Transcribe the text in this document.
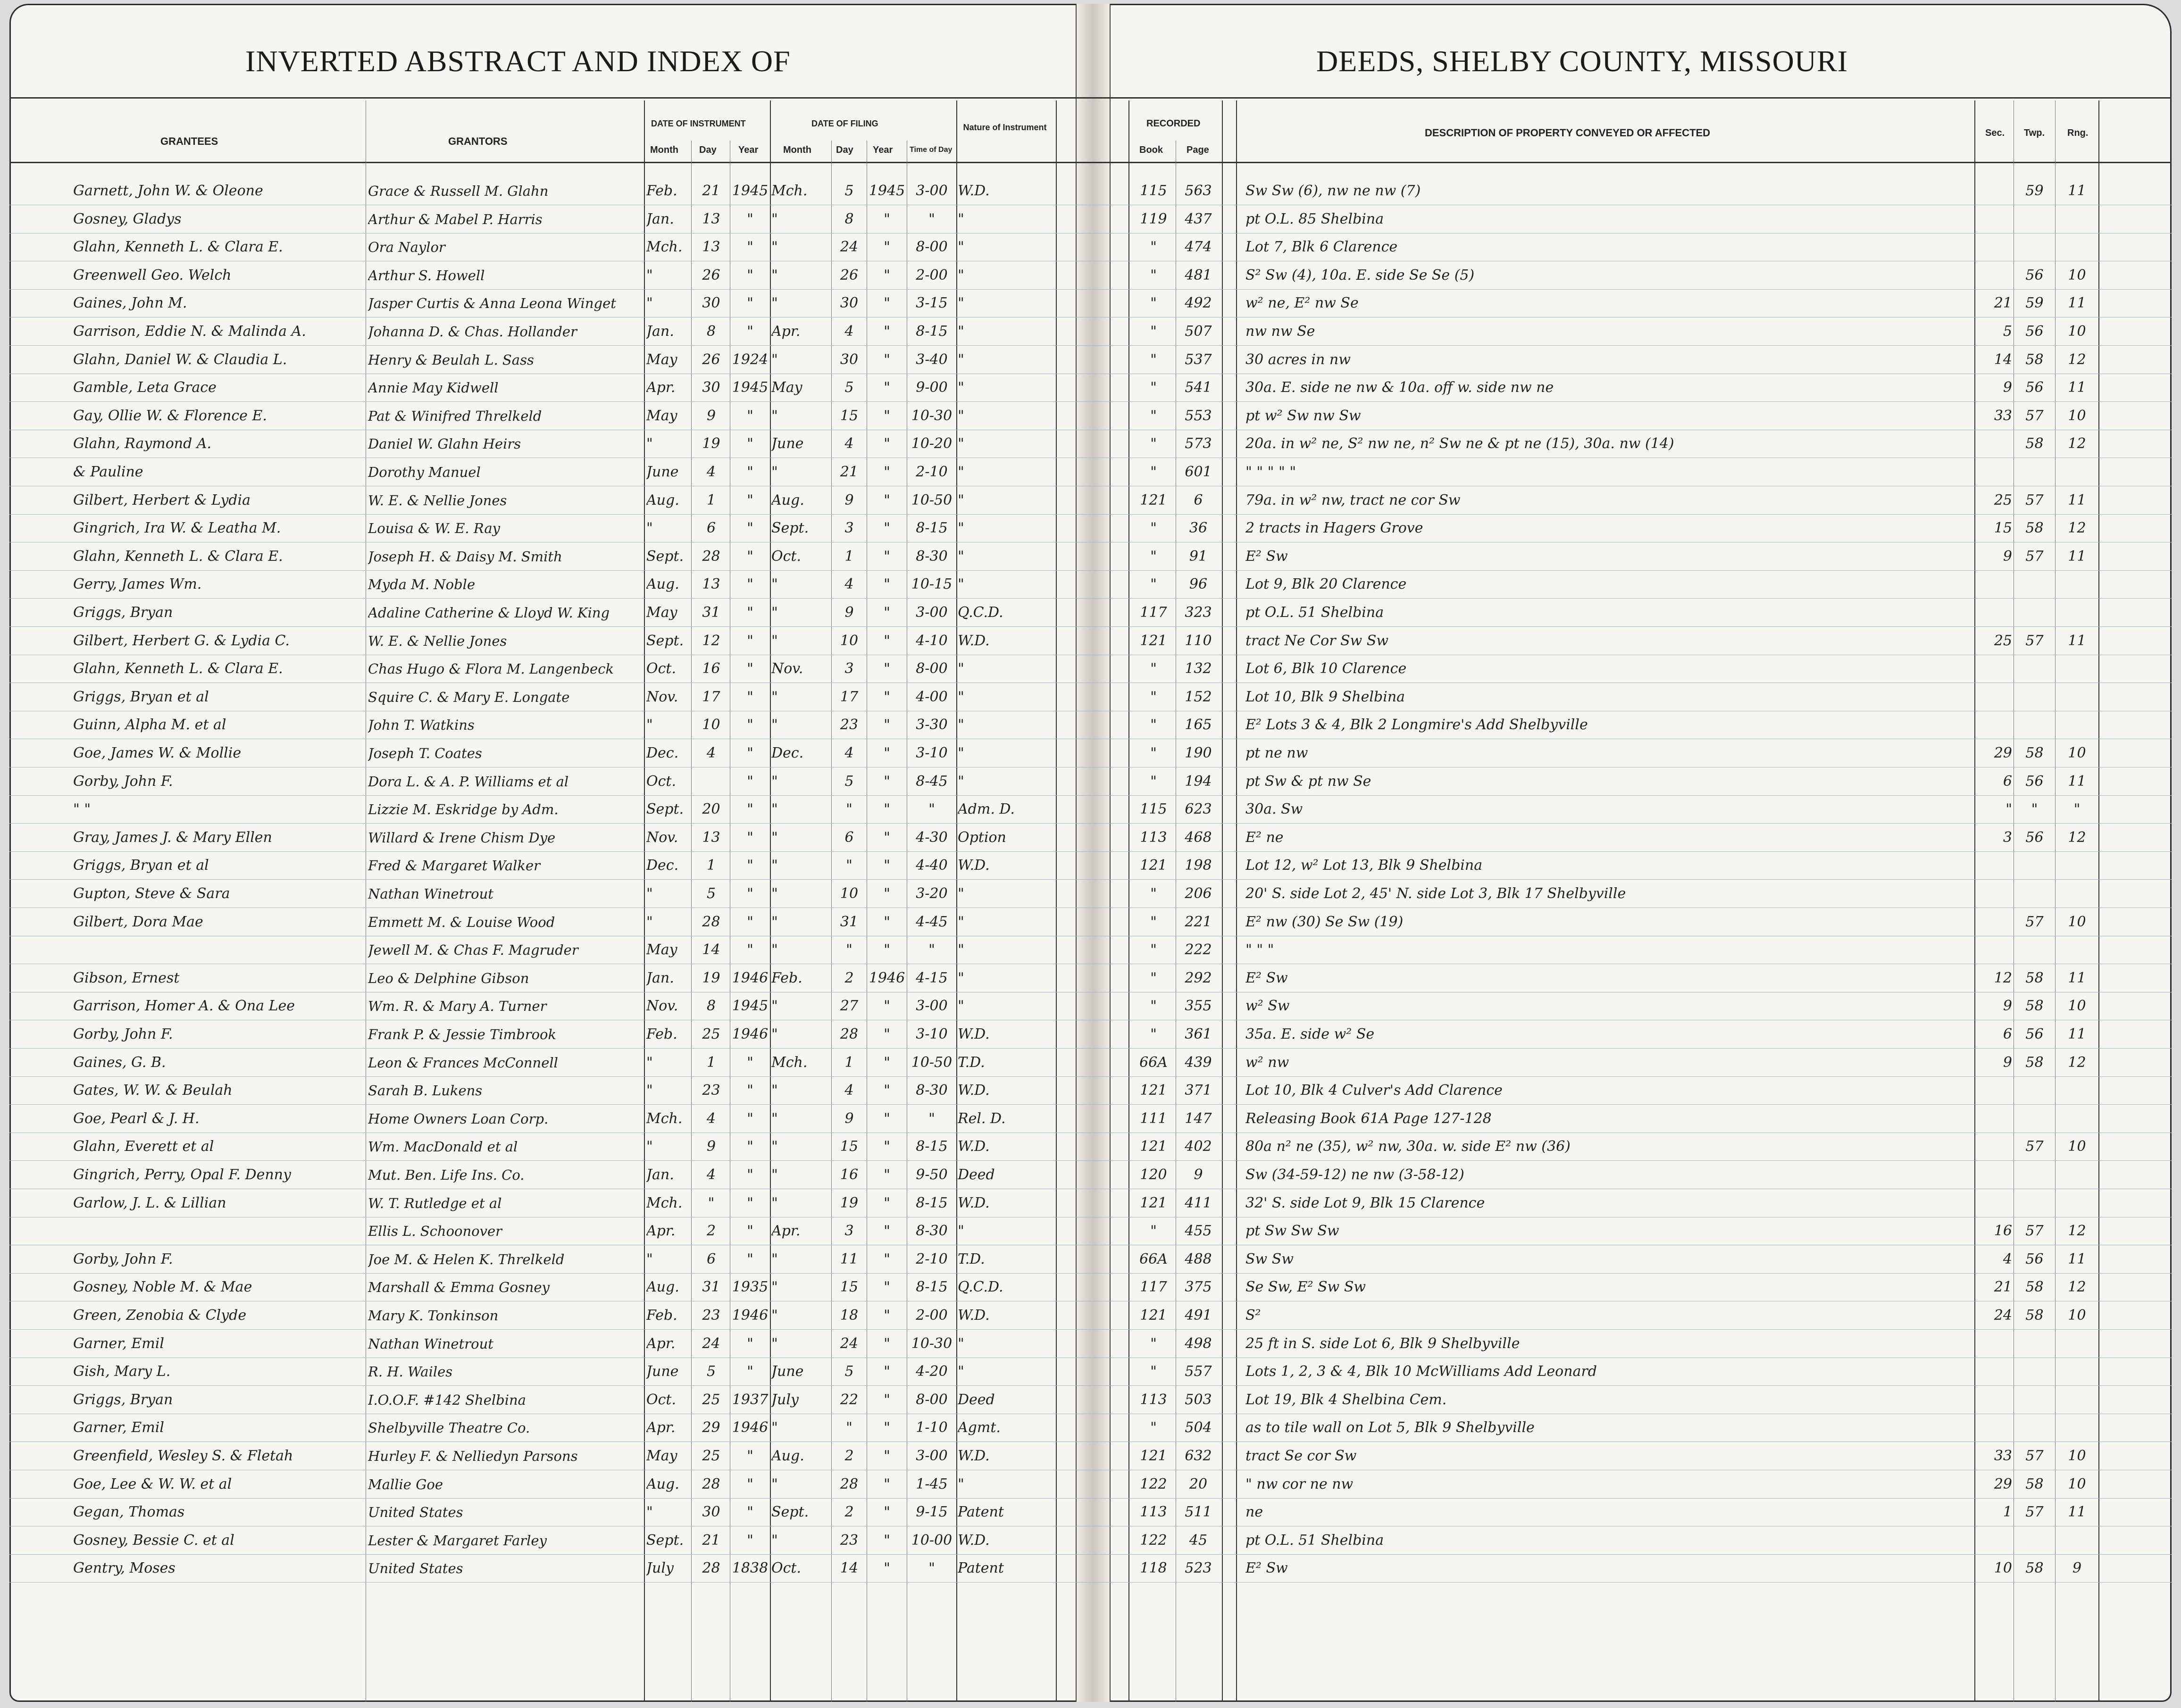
INVERTED ABSTRACT AND INDEX OF	DEEDS, SHELBY COUNTY, MISSOURI
GRANTEES	GRANTORS
DATE OF INSTRUMENT
Month Day Year
DATE OF FILING
Month	Day Year Time of Day
Nature of Instrument	RECORDED
Book	Page
DESCRIPTION OF PROPERTY CONVEYED OR AFFECTED	Sec. Twp. Rng.
Garnett, John W. & Oleone	Grace & Russell M. Glahn	Feb.	21 1945 Mch.	5	1945 3-00 W.D.	115	563	Sw Sw (6), nw ne nw (7)	59	11
Gosney, Gladys	Arthur & Mabel P. Harris	Jan.	13	"	"	8	"	"	"	119	437	pt O.L. 85 Shelbina
Glahn, Kenneth L. & Clara E.	Ora Naylor	Mch.	13	"	"	24	"	8-00 "	"	474	Lot 7, Blk 6 Clarence
Greenwell Geo. Welch	Arthur S. Howell	"	26	"	"	26	"	2-00 "	"	481	S² Sw (4), 10a. E. side Se Se (5)	56	10
Gaines, John M.	Jasper Curtis & Anna Leona Winget	"	30	"	"	30	"	3-15 "	"	492	w² ne, E² nw Se	21 59	11
Garrison, Eddie N. & Malinda A.	Johanna D. & Chas. Hollander	Jan.	8	"	Apr.	4	"	8-15 "	"	507	nw nw Se	5 56	10
Glahn, Daniel W. & Claudia L.	Henry & Beulah L. Sass	May	26 1924 "	30	"	3-40 "	"	537	30 acres in nw	14 58	12
Gamble, Leta Grace	Annie May Kidwell	Apr.	30 1945 May	5	"	9-00 "	"	541	30a. E. side ne nw & 10a. off w. side nw ne	9 56	11
Gay, Ollie W. & Florence E.	Pat & Winifred Threlkeld	May	9	"	"	15	"	10-30 "	"	553	pt w² Sw nw Sw	33 57	10
Glahn, Raymond A.	Daniel W. Glahn Heirs	"	19	"	June	4	"	10-20 "	"	573	20a. in w² ne, S² nw ne, n² Sw ne & pt ne (15), 30a. nw (14)	58	12
& Pauline	Dorothy Manuel	June	4	"	"	21	"	2-10 "	"	601	" " " " "
Gilbert, Herbert & Lydia	W. E. & Nellie Jones	Aug.	1	"	Aug.	9	"	10-50 "	121	6	79a. in w² nw, tract ne cor Sw	25 57	11
Gingrich, Ira W. & Leatha M.	Louisa & W. E. Ray	"	6	"	Sept.	3	"	8-15 "	"	36	2 tracts in Hagers Grove	15 58	12
Glahn, Kenneth L. & Clara E.	Joseph H. & Daisy M. Smith	Sept.	28	"	Oct.	1	"	8-30 "	"	91	E² Sw	9 57	11
Gerry, James Wm.	Myda M. Noble	Aug.	13	"	"	4	"	10-15 "	"	96	Lot 9, Blk 20 Clarence
Griggs, Bryan	Adaline Catherine & Lloyd W. King	May	31	"	"	9	"	3-00 Q.C.D.	117	323	pt O.L. 51 Shelbina
Gilbert, Herbert G. & Lydia C.	W. E. & Nellie Jones	Sept.	12	"	"	10	"	4-10 W.D.	121	110	tract Ne Cor Sw Sw	25 57	11
Glahn, Kenneth L. & Clara E.	Chas Hugo & Flora M. Langenbeck	Oct.	16	"	Nov.	3	"	8-00 "	"	132	Lot 6, Blk 10 Clarence
Griggs, Bryan et al	Squire C. & Mary E. Longate	Nov.	17	"	"	17	"	4-00 "	"	152	Lot 10, Blk 9 Shelbina
Guinn, Alpha M. et al	John T. Watkins	"	10	"	"	23	"	3-30 "	"	165	E² Lots 3 & 4, Blk 2 Longmire's Add Shelbyville
Goe, James W. & Mollie	Joseph T. Coates	Dec.	4	"	Dec.	4	"	3-10 "	"	190	pt ne nw	29 58	10
Gorby, John F.	Dora L. & A. P. Williams et al	Oct.	"	"	5	"	8-45 "	"	194	pt Sw & pt nw Se	6 56	11
" "	Lizzie M. Eskridge by Adm.	Sept.	20	"	"	"	"	"	Adm. D.	115	623	30a. Sw	"	"	"
Gray, James J. & Mary Ellen	Willard & Irene Chism Dye	Nov.	13	"	"	6	"	4-30 Option	113	468	E² ne	3 56	12
Griggs, Bryan et al	Fred & Margaret Walker	Dec.	1	"	"	"	"	4-40 W.D.	121	198	Lot 12, w² Lot 13, Blk 9 Shelbina
Gupton, Steve & Sara	Nathan Winetrout	"	5	"	"	10	"	3-20 "	"	206	20' S. side Lot 2, 45' N. side Lot 3, Blk 17 Shelbyville
Gilbert, Dora Mae	Emmett M. & Louise Wood	"	28	"	"	31	"	4-45 "	"	221	E² nw (30) Se Sw (19)	57	10
Jewell M. & Chas F. Magruder	May	14	"	"	"	"	"	"	"	222	" " "
Gibson, Ernest	Leo & Delphine Gibson	Jan.	19 1946 Feb.	2	1946 4-15 "	"	292	E² Sw	12 58	11
Garrison, Homer A. & Ona Lee	Wm. R. & Mary A. Turner	Nov.	8	1945 "	27	"	3-00 "	"	355	w² Sw	9 58	10
Gorby, John F.	Frank P. & Jessie Timbrook	Feb.	25 1946 "	28	"	3-10 W.D.	"	361	35a. E. side w² Se	6 56	11
Gaines, G. B.	Leon & Frances McConnell	"	1	"	Mch.	1	"	10-50 T.D.	66A	439	w² nw	9 58	12
Gates, W. W. & Beulah	Sarah B. Lukens	"	23	"	"	4	"	8-30 W.D.	121	371	Lot 10, Blk 4 Culver's Add Clarence
Goe, Pearl & J. H.	Home Owners Loan Corp.	Mch.	4	"	"	9	"	"	Rel. D.	111	147	Releasing Book 61A Page 127-128
Glahn, Everett et al	Wm. MacDonald et al	"	9	"	"	15	"	8-15 W.D.	121	402	80a n² ne (35), w² nw, 30a. w. side E² nw (36)	57	10
Gingrich, Perry, Opal F. Denny	Mut. Ben. Life Ins. Co.	Jan.	4	"	"	16	"	9-50 Deed	120	9	Sw (34-59-12) ne nw (3-58-12)
Garlow, J. L. & Lillian	W. T. Rutledge et al	Mch.	"	"	"	19	"	8-15 W.D.	121	411	32' S. side Lot 9, Blk 15 Clarence
Ellis L. Schoonover	Apr.	2	"	Apr.	3	"	8-30 "	"	455	pt Sw Sw Sw	16 57	12
Gorby, John F.	Joe M. & Helen K. Threlkeld	"	6	"	"	11	"	2-10 T.D.	66A	488	Sw Sw	4 56	11
Gosney, Noble M. & Mae	Marshall & Emma Gosney	Aug.	31 1935 "	15	"	8-15 Q.C.D.	117	375	Se Sw, E² Sw Sw	21 58	12
Green, Zenobia & Clyde	Mary K. Tonkinson	Feb.	23 1946 "	18	"	2-00 W.D.	121	491	S²	24 58	10
Garner, Emil	Nathan Winetrout	Apr.	24	"	"	24	"	10-30 "	"	498	25 ft in S. side Lot 6, Blk 9 Shelbyville
Gish, Mary L.	R. H. Wailes	June	5	"	June	5	"	4-20 "	"	557	Lots 1, 2, 3 & 4, Blk 10 McWilliams Add Leonard
Griggs, Bryan	I.O.O.F. #142 Shelbina	Oct.	25 1937 July	22	"	8-00 Deed	113	503	Lot 19, Blk 4 Shelbina Cem.
Garner, Emil	Shelbyville Theatre Co.	Apr.	29 1946 "	"	"	1-10 Agmt.	"	504	as to tile wall on Lot 5, Blk 9 Shelbyville
Greenfield, Wesley S. & Fletah	Hurley F. & Nelliedyn Parsons	May	25	"	Aug.	2	"	3-00 W.D.	121	632	tract Se cor Sw	33 57	10
Goe, Lee & W. W. et al	Mallie Goe	Aug.	28	"	"	28	"	1-45 "	122	20	" nw cor ne nw	29 58	10
Gegan, Thomas	United States	"	30	"	Sept.	2	"	9-15 Patent	113	511	ne	1 57	11
Gosney, Bessie C. et al	Lester & Margaret Farley	Sept.	21	"	"	23	"	10-00 W.D.	122	45	pt O.L. 51 Shelbina
Gentry, Moses	United States	July	28 1838 Oct.	14	"	"	Patent	118	523	E² Sw	10 58	9
